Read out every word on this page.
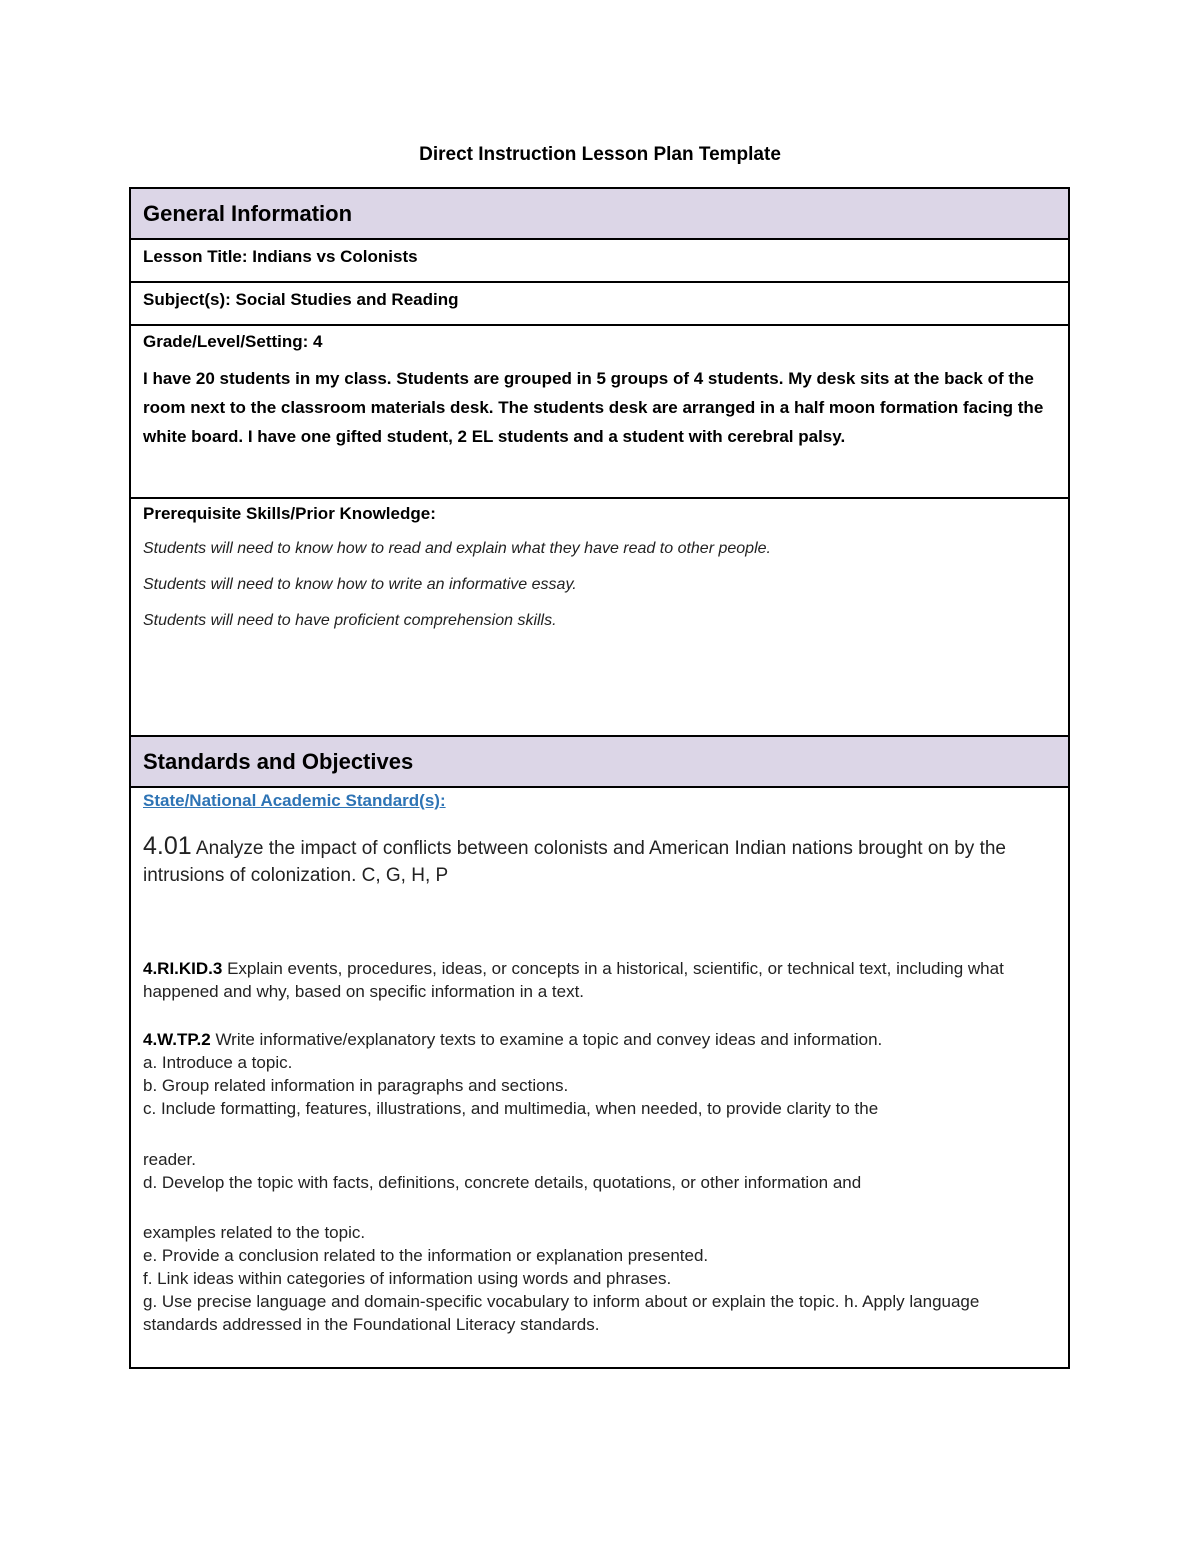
Direct Instruction Lesson Plan Template
General Information
Lesson Title: Indians vs Colonists
Subject(s): Social Studies and Reading

Grade/Level/Setting: 4

I have 20 students in my class. Students are grouped in 5 groups of 4 students. My desk sits at the back of the room next to the classroom materials desk. The students desk are arranged in a half moon formation facing the white board. I have one gifted student, 2 EL students and a student with cerebral palsy.

Prerequisite Skills/Prior Knowledge:

Students will need to know how to read and explain what they have read to other people.

Students will need to know how to write an informative essay.

Students will need to have proficient comprehension skills.

Standards and Objectives
State/National Academic Standard(s):

4.01 Analyze the impact of conflicts between colonists and American Indian nations brought on by the intrusions of colonization. C, G, H, P

4.RI.KID.3 Explain events, procedures, ideas, or concepts in a historical, scientific, or technical text, including what happened and why, based on specific information in a text.

4.W.TP.2 Write informative/explanatory texts to examine a topic and convey ideas and information.

a. Introduce a topic.

b. Group related information in paragraphs and sections.

c. Include formatting, features, illustrations, and multimedia, when needed, to provide clarity to the

reader.

d. Develop the topic with facts, definitions, concrete details, quotations, or other information and

examples related to the topic.

e. Provide a conclusion related to the information or explanation presented.

f. Link ideas within categories of information using words and phrases.

g. Use precise language and domain-specific vocabulary to inform about or explain the topic. h. Apply language standards addressed in the Foundational Literacy standards.
